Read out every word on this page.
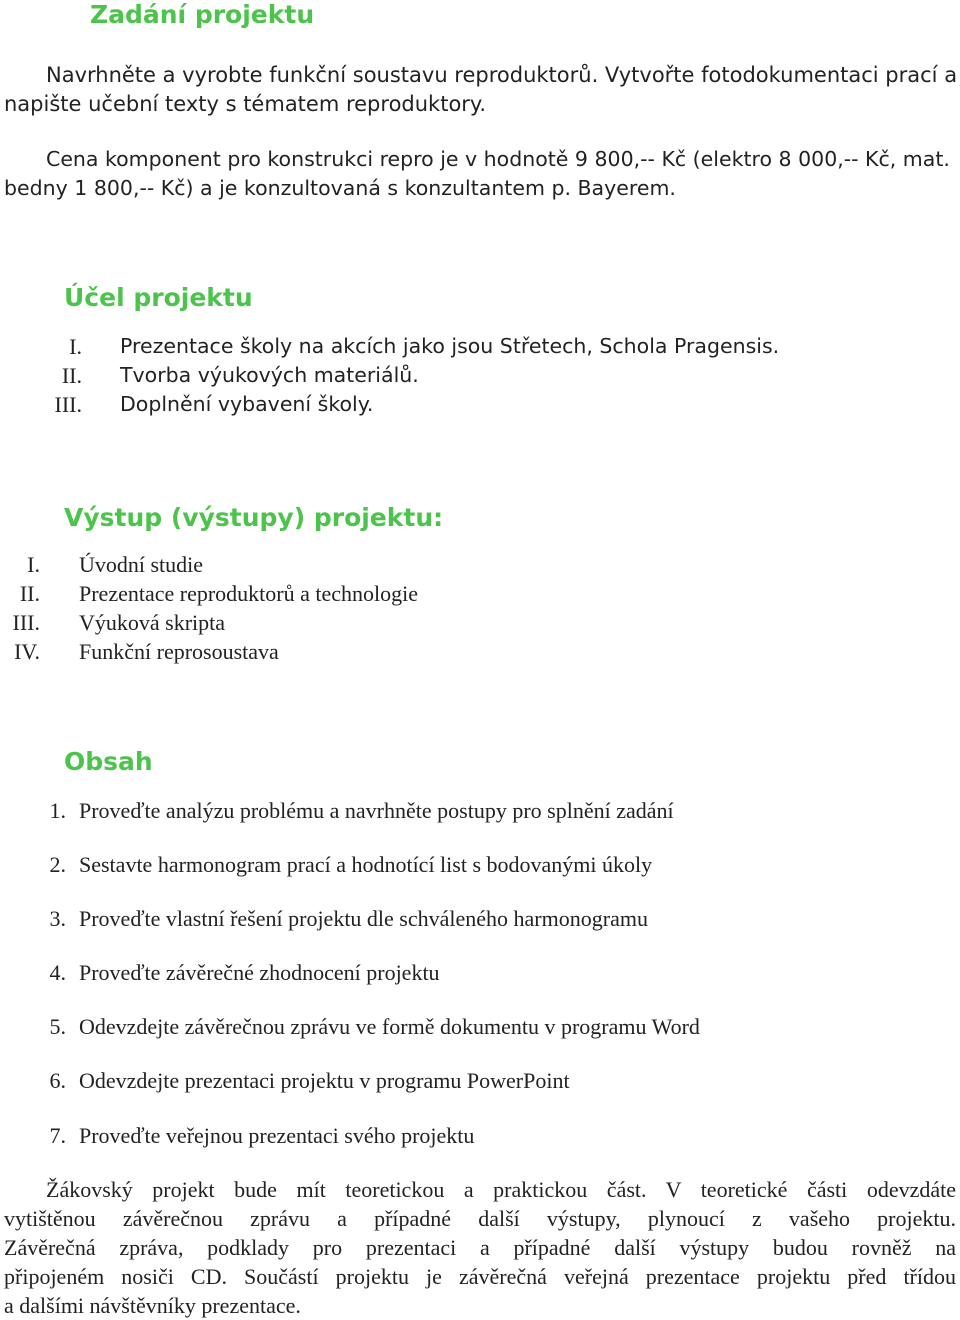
Zadání projektu

Navrhněte a vyrobte funkční soustavu reproduktorů. Vytvořte fotodokumentaci prací a

napište učební texty s tématem reproduktory.

Cena komponent pro konstrukci repro je v hodnotě 9 800,-- Kč (elektro 8 000,-- Kč, mat.

bedny 1 800,-- Kč) a je konzultovaná s konzultantem p. Bayerem.

Účel projektu
I. Prezentace školy na akcích jako jsou Střetech, Schola Pragensis.
II. Tvorba výukových materiálů.
III. Doplnění vybavení školy.
Výstup (výstupy) projektu:
I. Úvodní studie
II. Prezentace reproduktorů a technologie
III. Výuková skripta
IV. Funkční reprosoustava
Obsah
1. Proveďte analýzu problému a navrhněte postupy pro splnění zadání
2. Sestavte harmonogram prací a hodnotící list s bodovanými úkoly
3. Proveďte vlastní řešení projektu dle schváleného harmonogramu
4. Proveďte závěrečné zhodnocení projektu
5. Odevzdejte závěrečnou zprávu ve formě dokumentu v programu Word
6. Odevzdejte prezentaci projektu v programu PowerPoint
7. Proveďte veřejnou prezentaci svého projektu

Žákovský projekt bude mít teoretickou a praktickou část. V teoretické části odevzdáte

vytištěnou závěrečnou zprávu a případné další výstupy, plynoucí z vašeho projektu.

Závěrečná zpráva, podklady pro prezentaci a případné další výstupy budou rovněž na

připojeném nosiči CD. Součástí projektu je závěrečná veřejná prezentace projektu před třídou

a dalšími návštěvníky prezentace.
